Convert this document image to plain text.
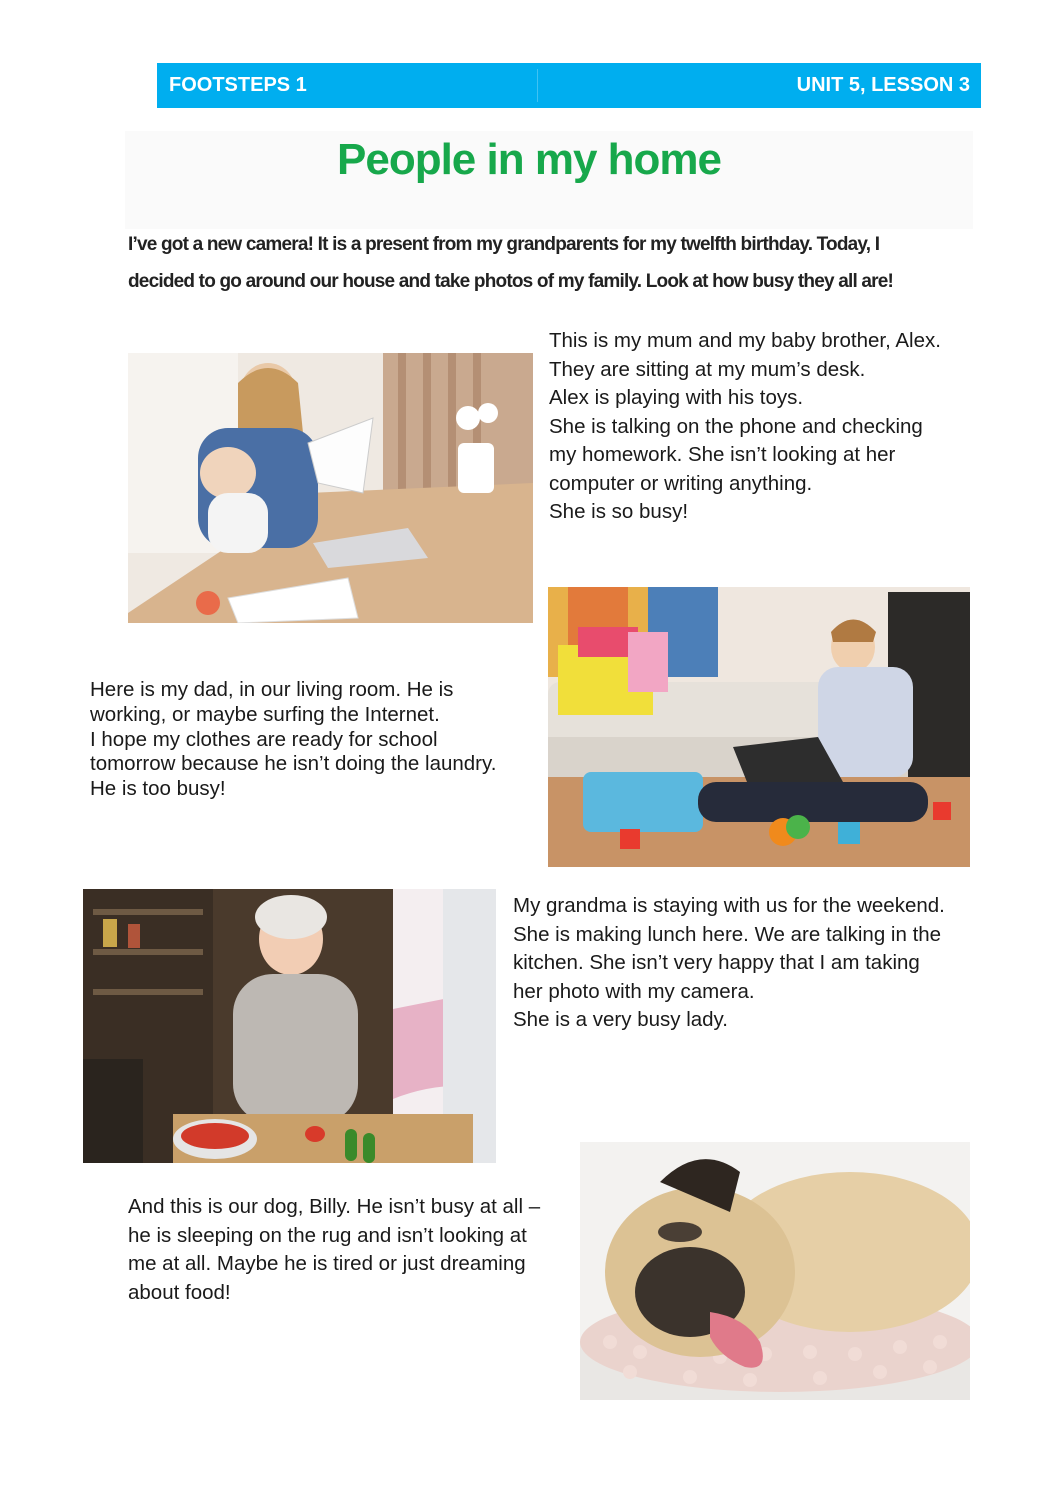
FOOTSTEPS 1	UNIT 5, LESSON 3
People in my home
I’ve got a new camera! It is a present from my grandparents for my twelfth birthday. Today, I
decided to go around our house and take photos of my family. Look at how busy they all are!
This is my mum and my baby brother, Alex.
They are sitting at my mum’s desk.
Alex is playing with his toys.
She is talking on the phone and checking
my homework. She isn’t looking at her
computer or writing anything.
She is so busy!
Here is my dad, in our living room. He is
working, or maybe surfing the Internet.
I hope my clothes are ready for school
tomorrow because he isn’t doing the laundry.
He is too busy!
My grandma is staying with us for the weekend.
She is making lunch here. We are talking in the
kitchen. She isn’t very happy that I am taking
her photo with my camera.
She is a very busy lady.
And this is our dog, Billy. He isn’t busy at all –
he is sleeping on the rug and isn’t looking at
me at all. Maybe he is tired or just dreaming
about food!
